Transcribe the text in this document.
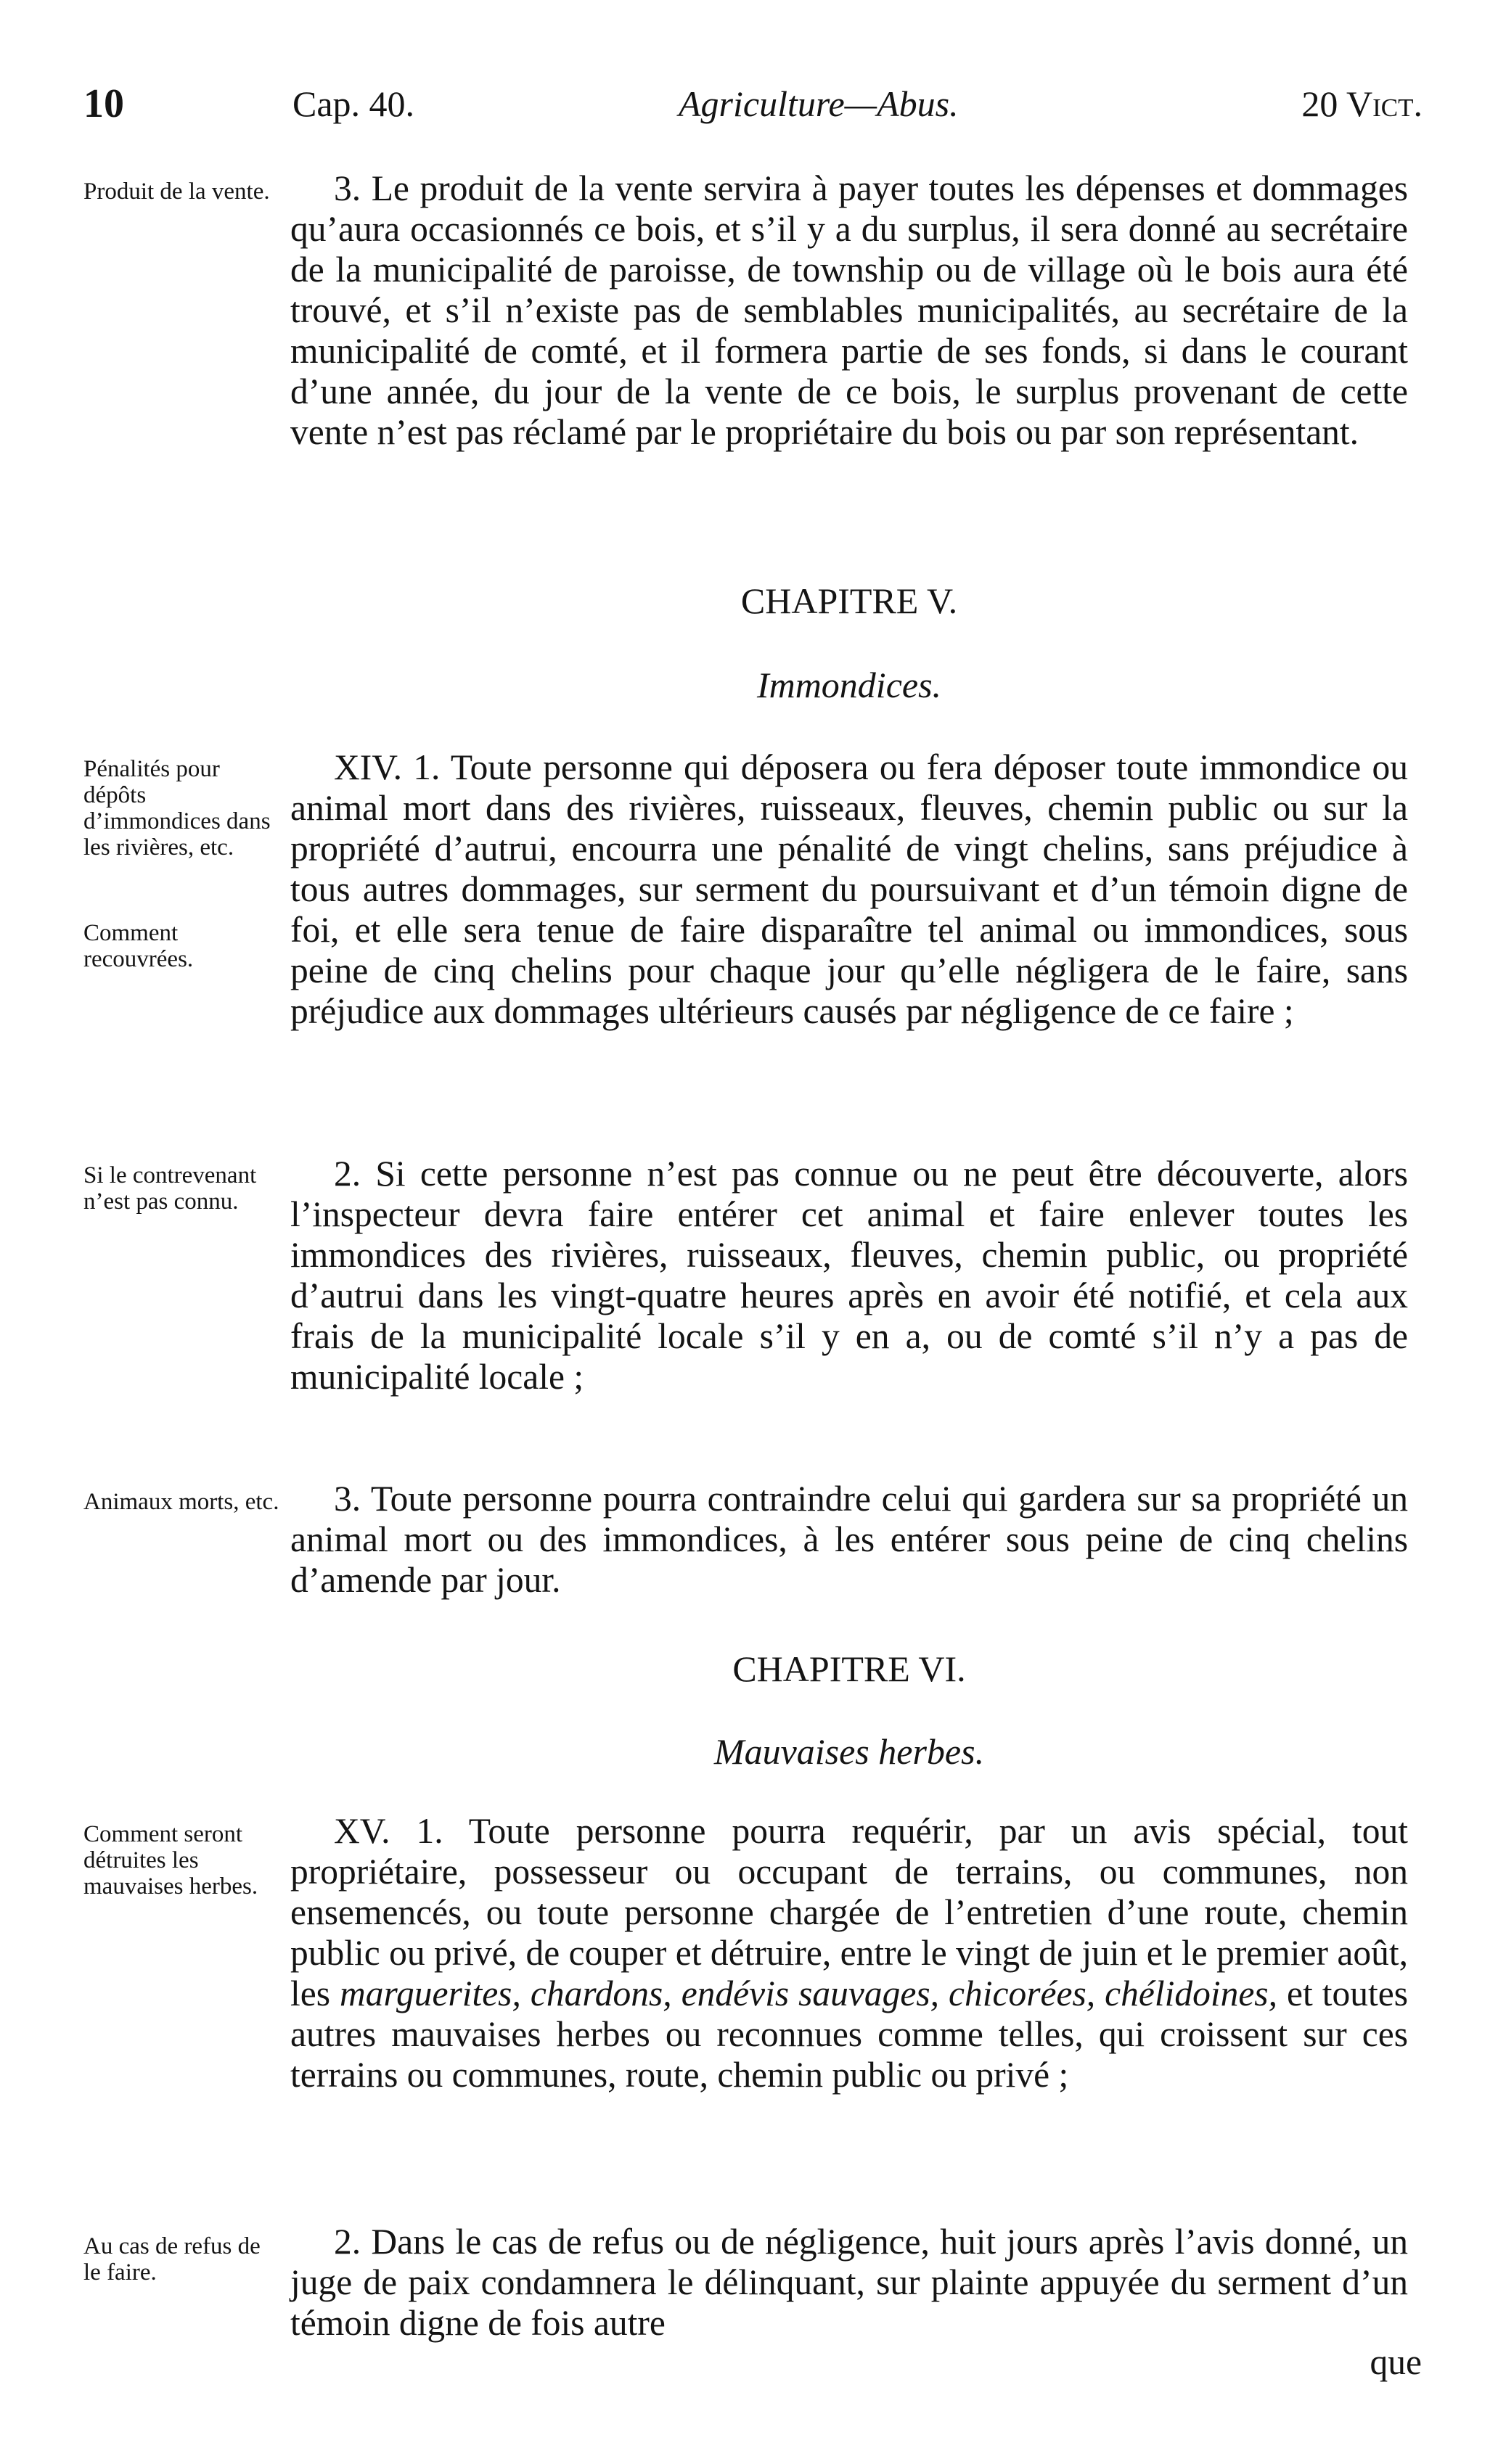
10	Cap. 40.	Agriculture—Abus.	20 Vict.
Produit de la vente.	3. Le produit de la vente servira à payer toutes les dépenses et dommages qu’aura occasionnés ce bois, et s’il y a du surplus, il sera donné au secrétaire de la municipalité de paroisse, de township ou de village où le bois aura été trouvé, et s’il n’existe pas de semblables municipalités, au secrétaire de la municipalité de comté, et il formera partie de ses fonds, si dans le courant d’une année, du jour de la vente de ce bois, le surplus provenant de cette vente n’est pas réclamé par le propriétaire du bois ou par son représentant.

CHAPITRE V.
Immondices.
Pénalités pour dépôts d’immondices dans les rivières, etc.
Comment recouvrées.

XIV. 1. Toute personne qui déposera ou fera déposer toute immondice ou animal mort dans des rivières, ruisseaux, fleuves, chemin public ou sur la propriété d’autrui, encourra une pénalité de vingt chelins, sans préjudice à tous autres dommages, sur serment du poursuivant et d’un témoin digne de foi, et elle sera tenue de faire disparaître tel animal ou immondices, sous peine de cinq chelins pour chaque jour qu’elle négligera de le faire, sans préjudice aux dommages ultérieurs causés par négligence de ce faire ;

Si le contrevenant n’est pas connu.

2. Si cette personne n’est pas connue ou ne peut être découverte, alors l’inspecteur devra faire entérer cet animal et faire enlever toutes les immondices des rivières, ruisseaux, fleuves, chemin public, ou propriété d’autrui dans les vingt-quatre heures après en avoir été notifié, et cela aux frais de la municipalité locale s’il y en a, ou de comté s’il n’y a pas de municipalité locale ;

Animaux morts, etc.	3. Toute personne pourra contraindre celui qui gardera sur sa propriété un animal mort ou des immondices, à les entérer sous peine de cinq chelins d’amende par jour.

CHAPITRE VI.
Mauvaises herbes.
Comment seront détruites les mauvaises herbes.

XV. 1. Toute personne pourra requérir, par un avis spécial, tout propriétaire, possesseur ou occupant de terrains, ou communes, non ensemencés, ou toute personne chargée de l’entretien d’une route, chemin public ou privé, de couper et détruire, entre le vingt de juin et le premier août, les marguerites, chardons, endévis sauvages, chicorées, chélidoines, et toutes autres mauvaises herbes ou reconnues comme telles, qui croissent sur ces terrains ou communes, route, chemin public ou privé ;

Au cas de refus de le faire.

2. Dans le cas de refus ou de négligence, huit jours après l’avis donné, un juge de paix condamnera le délinquant, sur plainte appuyée du serment d’un témoin digne de fois autre

que
